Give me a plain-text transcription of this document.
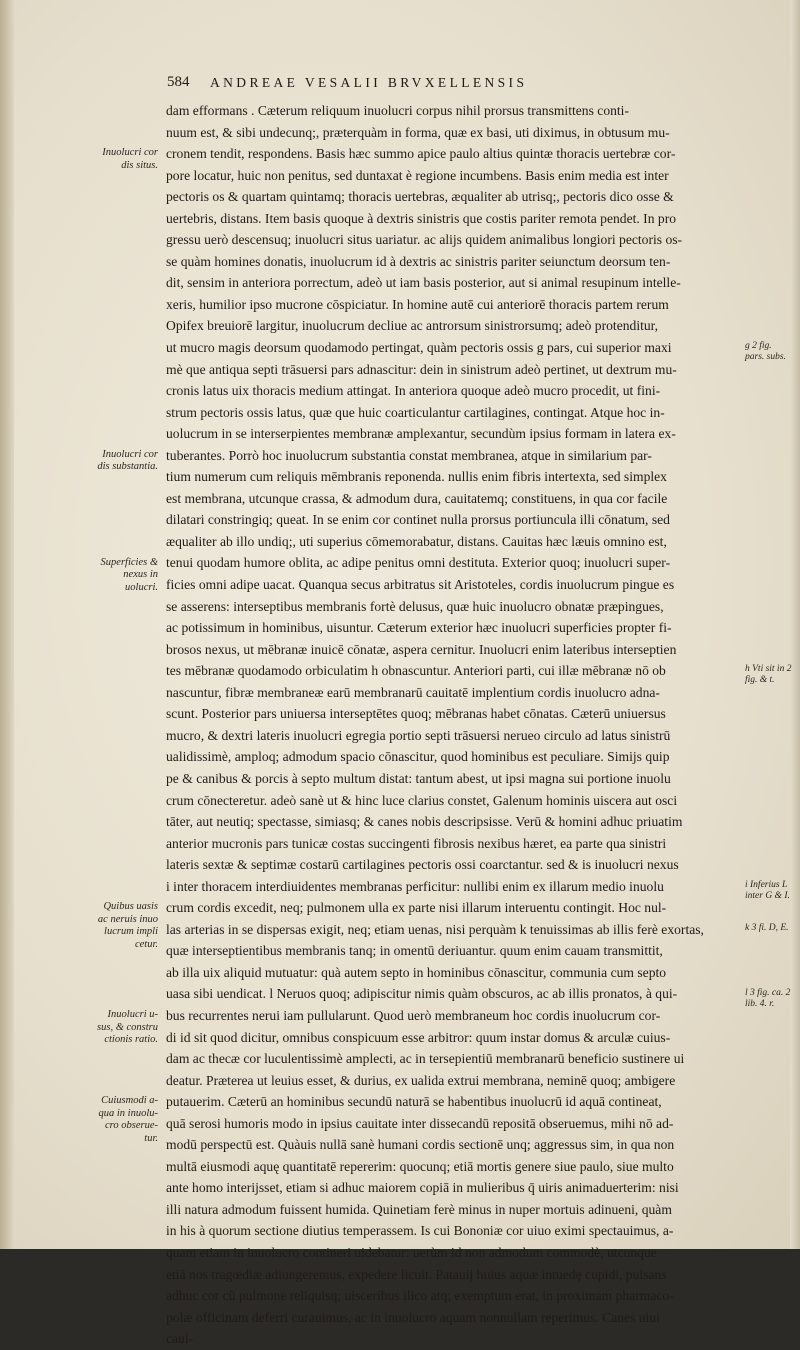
584 ANDREAE VESALII BRVXELLENSIS
dam efformans . Cæterum reliquum inuolucri corpus nihil prorsus transmittens conti-
nuum est, & sibi undecunq;, præterquàm in forma, quæ ex basi, uti diximus, in obtusum mu-
cronem tendit, respondens. Basis hæc summo apice paulo altius quintæ thoracis uertebræ cor-
pore locatur, huic non penitus, sed duntaxat è regione incumbens. Basis enim media est inter
pectoris os & quartam quintamq; thoracis uertebras, æqualiter ab utrisq;, pectoris dico osse &
uertebris, distans. Item basis quoque à dextris sinistris que costis pariter remota pendet. In pro
gressu uerò descensuq; inuolucri situs uariatur. ac alijs quidem animalibus longiori pectoris os-
se quàm homines donatis, inuolucrum id à dextris ac sinistris pariter seiunctum deorsum ten-
dit, sensim in anteriora porrectum, adeò ut iam basis posterior, aut si animal resupinum intelle-
xeris, humilior ipso mucrone cōspiciatur. In homine autē cui anteriorē thoracis partem rerum
Opifex breuiorē largitur, inuolucrum decliue ac antrorsum sinistrorsumq; adeò protenditur,
ut mucro magis deorsum quodamodo pertingat, quàm pectoris ossis g pars, cui superior maxi
mè que antiqua septi trāsuersi pars adnascitur: dein in sinistrum adeò pertinet, ut dextrum mu-
cronis latus uix thoracis medium attingat. In anteriora quoque adeò mucro procedit, ut fini-
strum pectoris ossis latus, quæ que huic coarticulantur cartilagines, contingat. Atque hoc in-
uolucrum in se interserpientes membranæ amplexantur, secundùm ipsius formam in latera ex-
tuberantes. Porrò hoc inuolucrum substantia constat membranea, atque in similarium par-
tium numerum cum reliquis mēmbranis reponenda. nullis enim fibris intertexta, sed simplex
est membrana, utcunque crassa, & admodum dura, cauitatemq; constituens, in qua cor facile
dilatari constringiq; queat. In se enim cor continet nulla prorsus portiuncula illi cōnatum, sed
æqualiter ab illo undiq;, uti superius cōmemorabatur, distans. Cauitas hæc læuis omnino est,
tenui quodam humore oblita, ac adipe penitus omni destituta. Exterior quoq; inuolucri super-
ficies omni adipe uacat. Quanqua secus arbitratus sit Aristoteles, cordis inuolucrum pingue es
se asserens: interseptibus membranis fortè delusus, quæ huic inuolucro obnatæ præpingues,
ac potissimum in hominibus, uisuntur. Cæterum exterior hæc inuolucri superficies propter fi-
brosos nexus, ut mēbranæ inuicē cōnatæ, aspera cernitur. Inuolucri enim lateribus interseptien
tes mēbranæ quodamodo orbiculatim h obnascuntur. Anteriori parti, cui illæ mēbranæ nō ob
nascuntur, fibræ membraneæ earū membranarū cauitatē implentium cordis inuolucro adna-
scunt. Posterior pars uniuersa interseptētes quoq; mēbranas habet cōnatas. Cæterū uniuersus
mucro, & dextri lateris inuolucri egregia portio septi trāsuersi nerueo circulo ad latus sinistrū
ualidissimè, amploq; admodum spacio cōnascitur, quod hominibus est peculiare. Simijs quip
pe & canibus & porcis à septo multum distat: tantum abest, ut ipsi magna sui portione inuolu
crum cōnecteretur. adeò sanè ut & hinc luce clarius constet, Galenum hominis uiscera aut osci
tāter, aut neutiq; spectasse, simiasq; & canes nobis descripsisse. Verū & homini adhuc priuatim
anterior mucronis pars tunicæ costas succingenti fibrosis nexibus hæret, ea parte qua sinistri
lateris sextæ & septimæ costarū cartilagines pectoris ossi coarctantur. sed & is inuolucri nexus
i inter thoracem interdiuidentes membranas perficitur: nullibi enim ex illarum medio inuolu
crum cordis excedit, neq; pulmonem ulla ex parte nisi illarum interuentu contingit. Hoc nul-
las arterias in se dispersas exigit, neq; etiam uenas, nisi perquàm k tenuissimas ab illis ferè exortas,
quæ interseptientibus membranis tanq; in omentū deriuantur. quum enim cauam transmittit,
ab illa uix aliquid mutuatur: quà autem septo in hominibus cōnascitur, communia cum septo
uasa sibi uendicat. l Neruos quoq; adipiscitur nimis quàm obscuros, ac ab illis pronatos, à qui-
bus recurrentes nerui iam pullularunt. Quod uerò membraneum hoc cordis inuolucrum cor-
di id sit quod dicitur, omnibus conspicuum esse arbitror: quum instar domus & arculæ cuius-
dam ac thecæ cor luculentissimè amplecti, ac in tersepientiū membranarū beneficio sustinere ui
deatur. Præterea ut leuius esset, & durius, ex ualida extrui membrana, neminē quoq; ambigere
putauerim. Cæterū an hominibus secundū naturā se habentibus inuolucrū id aquā contineat,
quā serosi humoris modo in ipsius cauitate inter dissecandū repositā obseruemus, mihi nō ad-
modū perspectū est. Quàuis nullā sanè humani cordis sectionē unq; aggressus sim, in qua non
multā eiusmodi aquę quantitatē repererim: quocunq; etiā mortis genere siue paulo, siue multo
ante homo interijsset, etiam si adhuc maiorem copiā in mulieribus q̄ uiris animaduerterim: nisi
illi natura admodum fuissent humida. Quinetiam ferè minus in nuper mortuis adinueni, quàm
in his à quorum sectione diutius temperassem. Is cui Bononiæ cor uiuo eximi spectauimus, a-
quam etiam in inuolucro contineri uidebatur: uerùm id non admodum commodè, utcunque
etiā nos tragœdiæ adiungeremus, expedere licuit. Patauij huius aquæ intuedę cupidi, pulsans
adhuc cor cū pulmone reliquisq; uisceribus ilico atq; exemptum erat, in proximam pharmaco-
polæ officinam deferri curauimus, ac in inuolucro aquam nonnullam reperimus. Canes uiui
caui-
Inuolucri cor dis situs.
Inuolucri cor dis substantia.
Superficies & nexus in uolucri.
Quibus uasis ac neruis inuo lucrum impli cetur.
Inuolucri u- sus, & constru ctionis ratio.
Cuiusmodi a- qua in inuolu- cro obserue- tur.
g 2 fig. pars. subs.
h Vti sit in 2 fig. & t.
i Inferius L inter G & I.
k 3 fi. D, E.
l 3 fig. ca. 2 lib. 4. r.
